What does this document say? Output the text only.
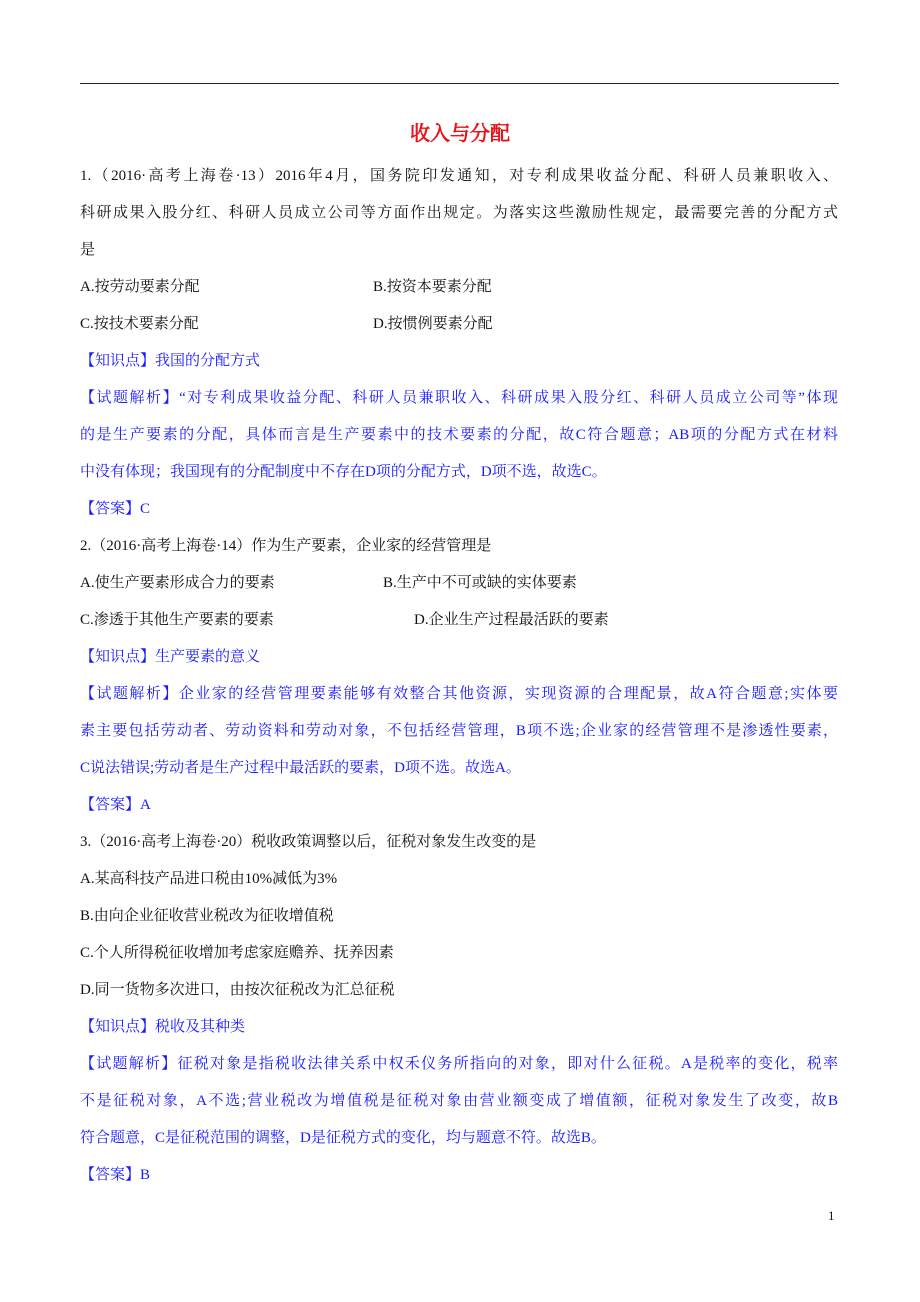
收入与分配
1.（2016·高考上海卷·13）2016年4月，国务院印发通知，对专利成果收益分配、科研人员兼职收入、
科研成果入股分红、科研人员成立公司等方面作出规定。为落实这些激励性规定，最需要完善的分配方式
是
A.按劳动要素分配	B.按资本要素分配
C.按技术要素分配	D.按惯例要素分配
【知识点】我国的分配方式
【试题解析】“对专利成果收益分配、科研人员兼职收入、科研成果入股分红、科研人员成立公司等”体现
的是生产要素的分配，具体而言是生产要素中的技术要素的分配，故C符合题意；AB项的分配方式在材料
中没有体现；我国现有的分配制度中不存在D项的分配方式，D项不选，故选C。
【答案】C
2.（2016·高考上海卷·14）作为生产要素，企业家的经营管理是
A.使生产要素形成合力的要素	B.生产中不可或缺的实体要素
C.渗透于其他生产要素的要素	D.企业生产过程最活跃的要素
【知识点】生产要素的意义
【试题解析】企业家的经营管理要素能够有效整合其他资源，实现资源的合理配景，故A符合题意;实体要
素主要包括劳动者、劳动资料和劳动对象，不包括经营管理，B项不选;企业家的经营管理不是渗透性要素，
C说法错误;劳动者是生产过程中最活跃的要素，D项不选。故选A。
【答案】A
3.（2016·高考上海卷·20）税收政策调整以后，征税对象发生改变的是
A.某高科技产品进口税由10%减低为3%
B.由向企业征收营业税改为征收增值税
C.个人所得税征收增加考虑家庭赡养、抚养因素
D.同一货物多次进口，由按次征税改为汇总征税
【知识点】税收及其种类
【试题解析】征税对象是指税收法律关系中权禾仪务所指向的对象，即对什么征税。A是税率的变化，税率
不是征税对象，A不选;营业税改为增值税是征税对象由营业额变成了增值额，征税对象发生了改变，故B
符合题意，C是征税范围的调整，D是征税方式的变化，均与题意不符。故选B。
【答案】B
1
